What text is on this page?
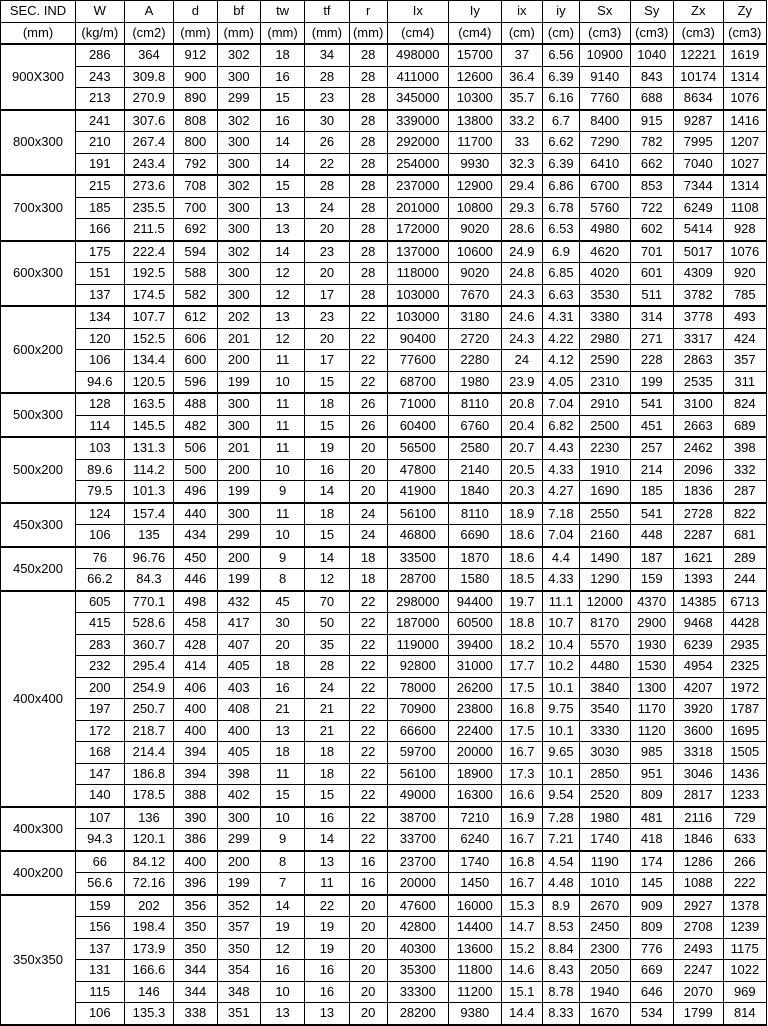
SEC. IND	W	A	d	bf	tw	tf	r	Ix	Iy	ix	iy	Sx	Sy	Zx	Zy
(mm)	(kg/m)	(cm2)	(mm)	(mm)	(mm)	(mm)	(mm)	(cm4)	(cm4)	(cm)	(cm)	(cm3)	(cm3)	(cm3)	(cm3)
900X300	286	364	912	302	18	34	28	498000	15700	37	6.56	10900	1040	12221	1619
	243	309.8	900	300	16	28	28	411000	12600	36.4	6.39	9140	843	10174	1314
	213	270.9	890	299	15	23	28	345000	10300	35.7	6.16	7760	688	8634	1076
800x300	241	307.6	808	302	16	30	28	339000	13800	33.2	6.7	8400	915	9287	1416
	210	267.4	800	300	14	26	28	292000	11700	33	6.62	7290	782	7995	1207
	191	243.4	792	300	14	22	28	254000	9930	32.3	6.39	6410	662	7040	1027
700x300	215	273.6	708	302	15	28	28	237000	12900	29.4	6.86	6700	853	7344	1314
	185	235.5	700	300	13	24	28	201000	10800	29.3	6.78	5760	722	6249	1108
	166	211.5	692	300	13	20	28	172000	9020	28.6	6.53	4980	602	5414	928
600x300	175	222.4	594	302	14	23	28	137000	10600	24.9	6.9	4620	701	5017	1076
	151	192.5	588	300	12	20	28	118000	9020	24.8	6.85	4020	601	4309	920
	137	174.5	582	300	12	17	28	103000	7670	24.3	6.63	3530	511	3782	785
600x200	134	107.7	612	202	13	23	22	103000	3180	24.6	4.31	3380	314	3778	493
	120	152.5	606	201	12	20	22	90400	2720	24.3	4.22	2980	271	3317	424
	106	134.4	600	200	11	17	22	77600	2280	24	4.12	2590	228	2863	357
	94.6	120.5	596	199	10	15	22	68700	1980	23.9	4.05	2310	199	2535	311
500x300	128	163.5	488	300	11	18	26	71000	8110	20.8	7.04	2910	541	3100	824
	114	145.5	482	300	11	15	26	60400	6760	20.4	6.82	2500	451	2663	689
500x200	103	131.3	506	201	11	19	20	56500	2580	20.7	4.43	2230	257	2462	398
	89.6	114.2	500	200	10	16	20	47800	2140	20.5	4.33	1910	214	2096	332
	79.5	101.3	496	199	9	14	20	41900	1840	20.3	4.27	1690	185	1836	287
450x300	124	157.4	440	300	11	18	24	56100	8110	18.9	7.18	2550	541	2728	822
	106	135	434	299	10	15	24	46800	6690	18.6	7.04	2160	448	2287	681
450x200	76	96.76	450	200	9	14	18	33500	1870	18.6	4.4	1490	187	1621	289
	66.2	84.3	446	199	8	12	18	28700	1580	18.5	4.33	1290	159	1393	244
400x400	605	770.1	498	432	45	70	22	298000	94400	19.7	11.1	12000	4370	14385	6713
	415	528.6	458	417	30	50	22	187000	60500	18.8	10.7	8170	2900	9468	4428
	283	360.7	428	407	20	35	22	119000	39400	18.2	10.4	5570	1930	6239	2935
	232	295.4	414	405	18	28	22	92800	31000	17.7	10.2	4480	1530	4954	2325
	200	254.9	406	403	16	24	22	78000	26200	17.5	10.1	3840	1300	4207	1972
	197	250.7	400	408	21	21	22	70900	23800	16.8	9.75	3540	1170	3920	1787
	172	218.7	400	400	13	21	22	66600	22400	17.5	10.1	3330	1120	3600	1695
	168	214.4	394	405	18	18	22	59700	20000	16.7	9.65	3030	985	3318	1505
	147	186.8	394	398	11	18	22	56100	18900	17.3	10.1	2850	951	3046	1436
	140	178.5	388	402	15	15	22	49000	16300	16.6	9.54	2520	809	2817	1233
400x300	107	136	390	300	10	16	22	38700	7210	16.9	7.28	1980	481	2116	729
	94.3	120.1	386	299	9	14	22	33700	6240	16.7	7.21	1740	418	1846	633
400x200	66	84.12	400	200	8	13	16	23700	1740	16.8	4.54	1190	174	1286	266
	56.6	72.16	396	199	7	11	16	20000	1450	16.7	4.48	1010	145	1088	222
350x350	159	202	356	352	14	22	20	47600	16000	15.3	8.9	2670	909	2927	1378
	156	198.4	350	357	19	19	20	42800	14400	14.7	8.53	2450	809	2708	1239
	137	173.9	350	350	12	19	20	40300	13600	15.2	8.84	2300	776	2493	1175
	131	166.6	344	354	16	16	20	35300	11800	14.6	8.43	2050	669	2247	1022
	115	146	344	348	10	16	20	33300	11200	15.1	8.78	1940	646	2070	969
	106	135.3	338	351	13	13	20	28200	9380	14.4	8.33	1670	534	1799	814
